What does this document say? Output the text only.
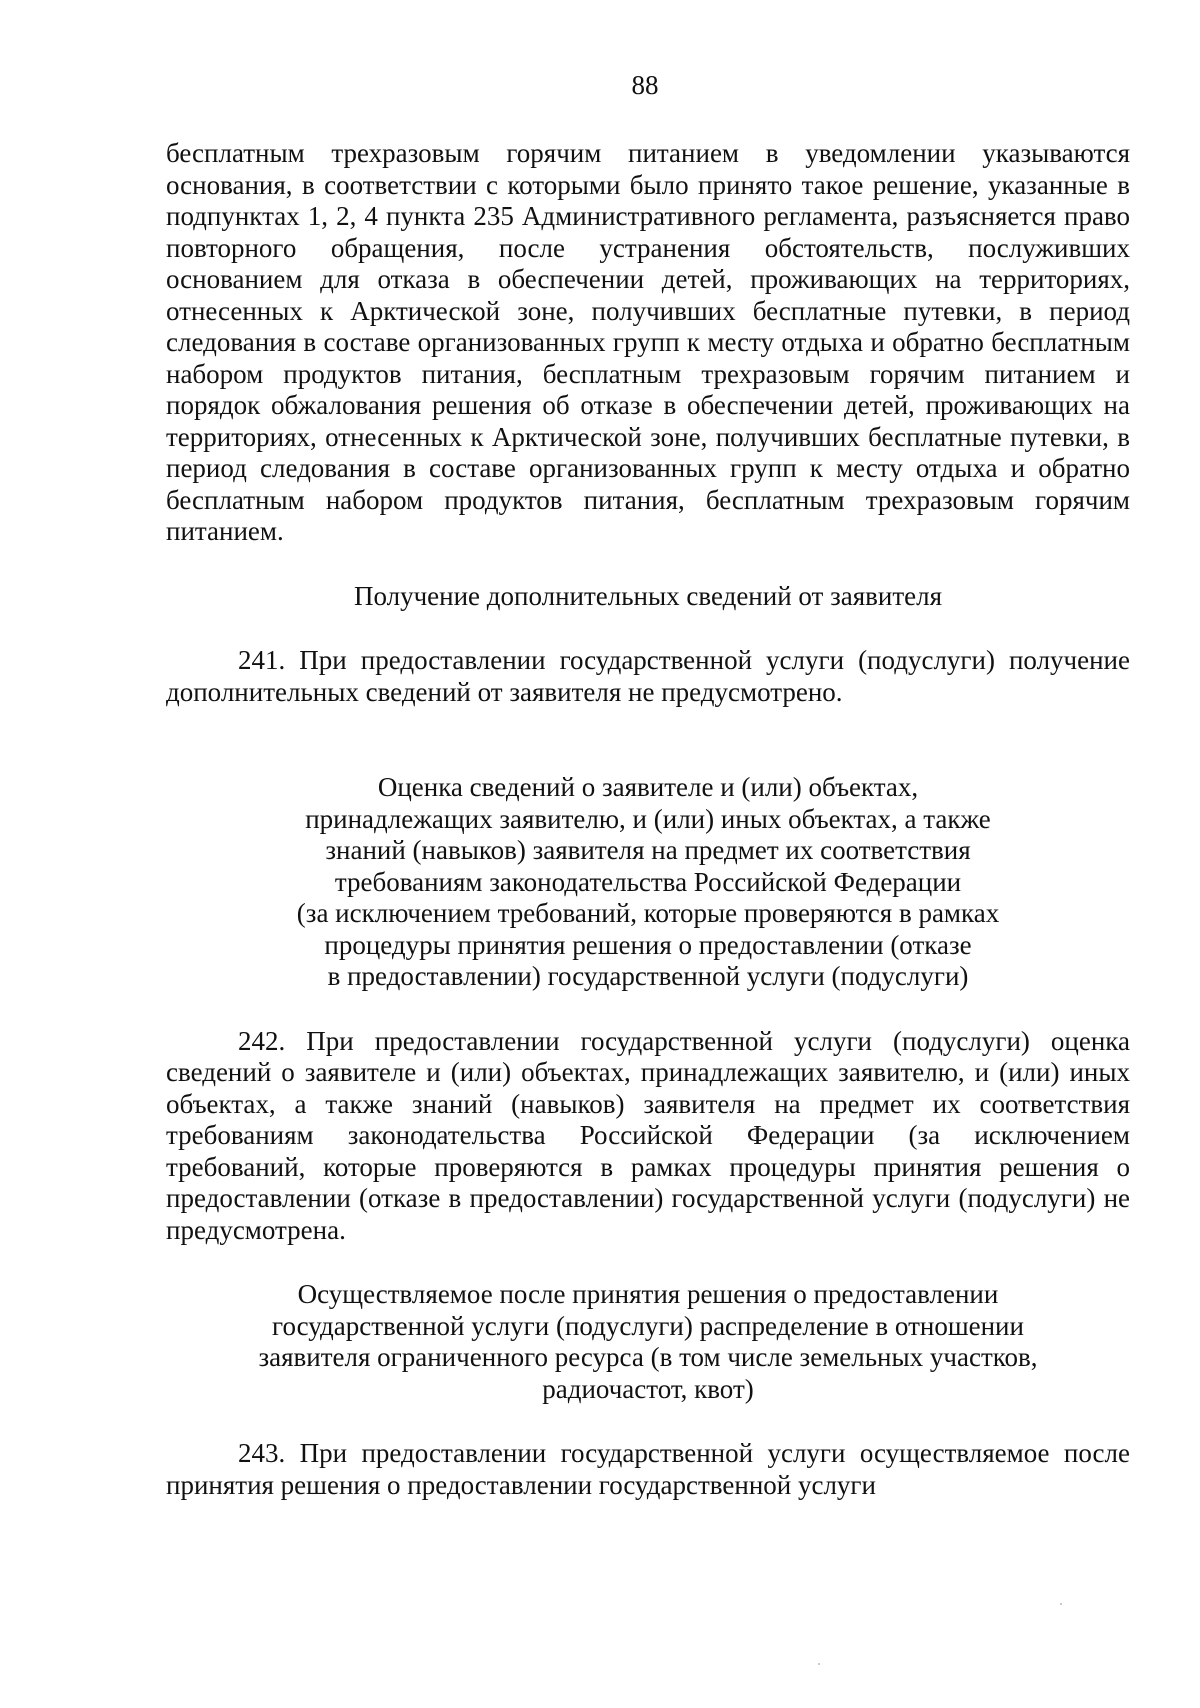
88

бесплатным трехразовым горячим питанием в уведомлении указываются основания, в соответствии с которыми было принято такое решение, указанные в подпунктах 1, 2, 4 пункта 235 Административного регламента, разъясняется право повторного обращения, после устранения обстоятельств, послуживших основанием для отказа в обеспечении детей, проживающих на территориях, отнесенных к Арктической зоне, получивших бесплатные путевки, в период следования в составе организованных групп к месту отдыха и обратно бесплатным набором продуктов питания, бесплатным трехразовым горячим питанием и порядок обжалования решения об отказе в обеспечении детей, проживающих на территориях, отнесенных к Арктической зоне, получивших бесплатные путевки, в период следования в составе организованных групп к месту отдыха и обратно бесплатным набором продуктов питания, бесплатным трехразовым горячим питанием.

Получение дополнительных сведений от заявителя

241. При предоставлении государственной услуги (подуслуги) получение дополнительных сведений от заявителя не предусмотрено.

Оценка сведений о заявителе и (или) объектах,
принадлежащих заявителю, и (или) иных объектах, а также
знаний (навыков) заявителя на предмет их соответствия
требованиям законодательства Российской Федерации
(за исключением требований, которые проверяются в рамках
процедуры принятия решения о предоставлении (отказе
в предоставлении) государственной услуги (подуслуги)

242. При предоставлении государственной услуги (подуслуги) оценка сведений о заявителе и (или) объектах, принадлежащих заявителю, и (или) иных объектах, а также знаний (навыков) заявителя на предмет их соответствия требованиям законодательства Российской Федерации (за исключением требований, которые проверяются в рамках процедуры принятия решения о предоставлении (отказе в предоставлении) государственной услуги (подуслуги) не предусмотрена.

Осуществляемое после принятия решения о предоставлении
государственной услуги (подуслуги) распределение в отношении
заявителя ограниченного ресурса (в том числе земельных участков,
радиочастот, квот)

243. При предоставлении государственной услуги осуществляемое после принятия решения о предоставлении государственной услуги
